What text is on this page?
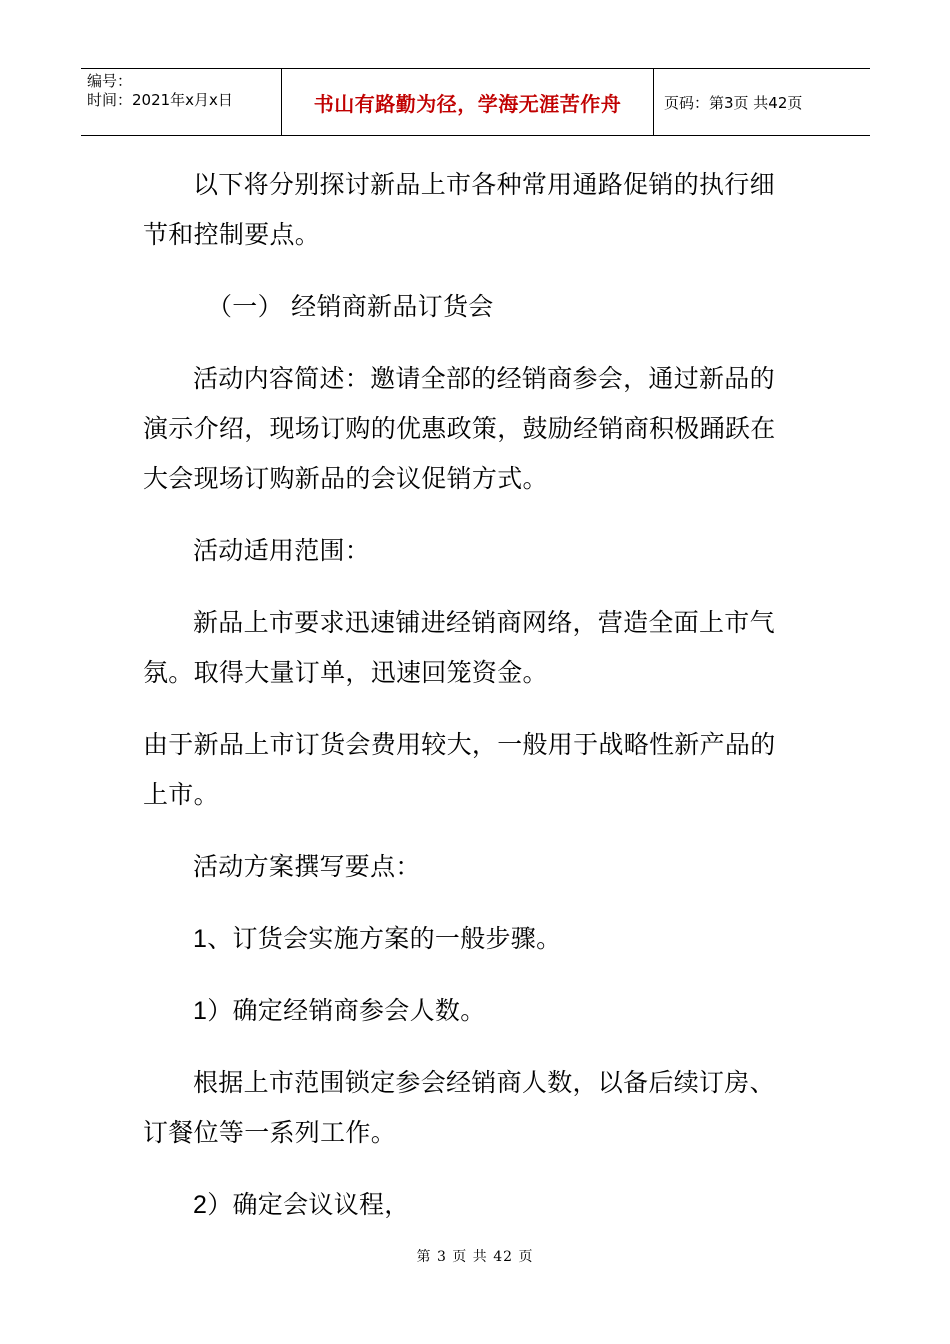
编号：
时间：2021年x月x日	书山有路勤为径，学海无涯苦作舟	页码：第3页 共42页

以下将分别探讨新品上市各种常用通路促销的执行细节和控制要点。

（一） 经销商新品订货会

活动内容简述：邀请全部的经销商参会，通过新品的演示介绍，现场订购的优惠政策，鼓励经销商积极踊跃在大会现场订购新品的会议促销方式。

活动适用范围：

新品上市要求迅速铺进经销商网络，营造全面上市气氛。取得大量订单，迅速回笼资金。

由于新品上市订货会费用较大，一般用于战略性新产品的上市。

活动方案撰写要点：

1、订货会实施方案的一般步骤。

1）确定经销商参会人数。

根据上市范围锁定参会经销商人数，以备后续订房、订餐位等一系列工作。

2）确定会议议程，

第 3 页 共 42 页
